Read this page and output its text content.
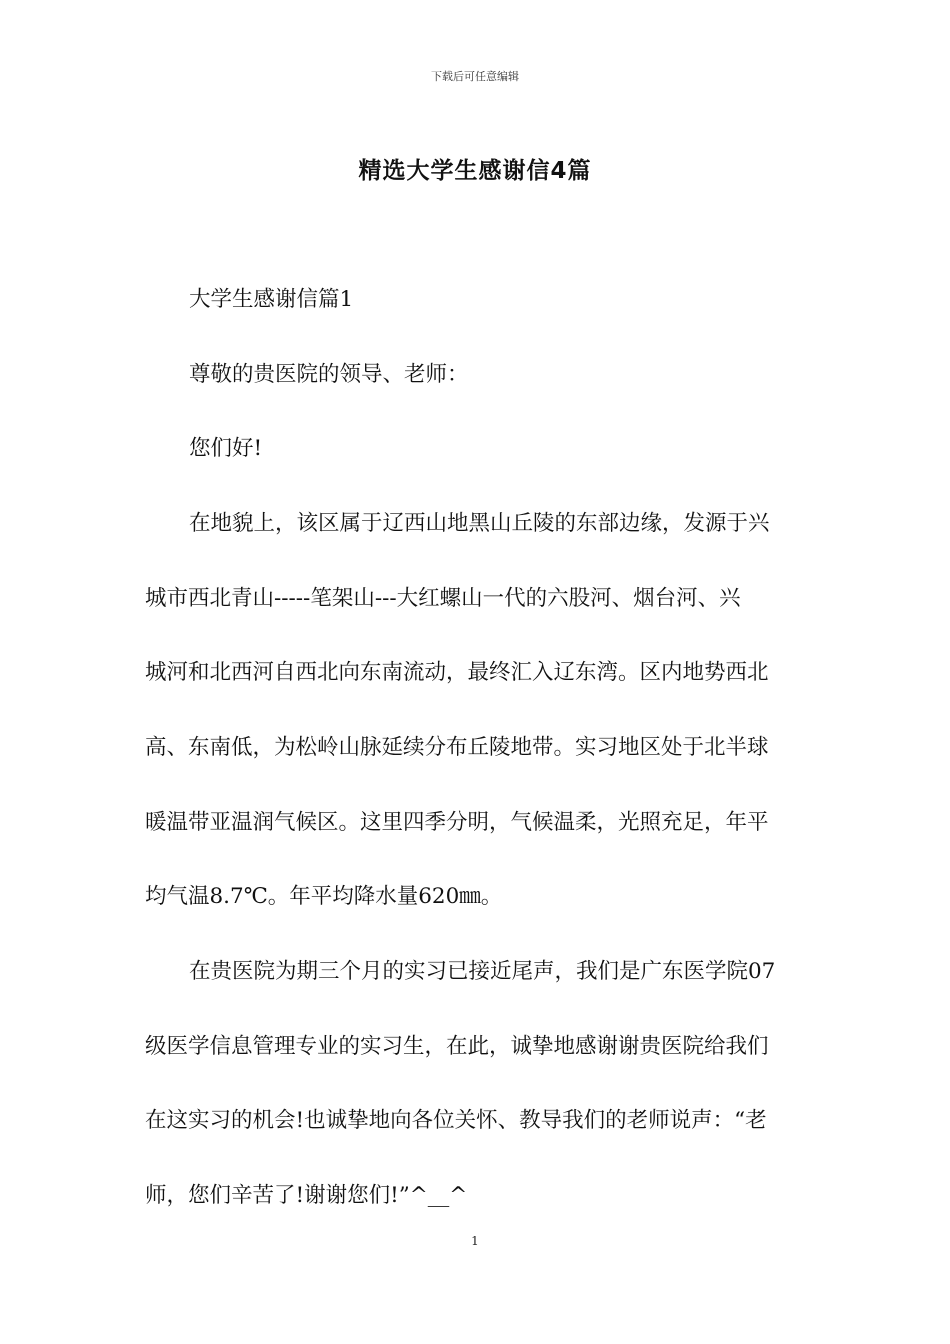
下载后可任意编辑
精选大学生感谢信4篇
大学生感谢信篇1
尊敬的贵医院的领导、老师：
您们好!
在地貌上，该区属于辽西山地黑山丘陵的东部边缘，发源于兴
城市西北青山-----笔架山---大红螺山一代的六股河、烟台河、兴
城河和北西河自西北向东南流动，最终汇入辽东湾。区内地势西北
高、东南低，为松岭山脉延续分布丘陵地带。实习地区处于北半球
暖温带亚温润气候区。这里四季分明，气候温柔，光照充足，年平
均气温8.7℃。年平均降水量620㎜。
在贵医院为期三个月的实习已接近尾声，我们是广东医学院07
级医学信息管理专业的实习生，在此，诚挚地感谢谢贵医院给我们
在这实习的机会!也诚挚地向各位关怀、教导我们的老师说声：“老
师，您们辛苦了!谢谢您们!”^__^
1
